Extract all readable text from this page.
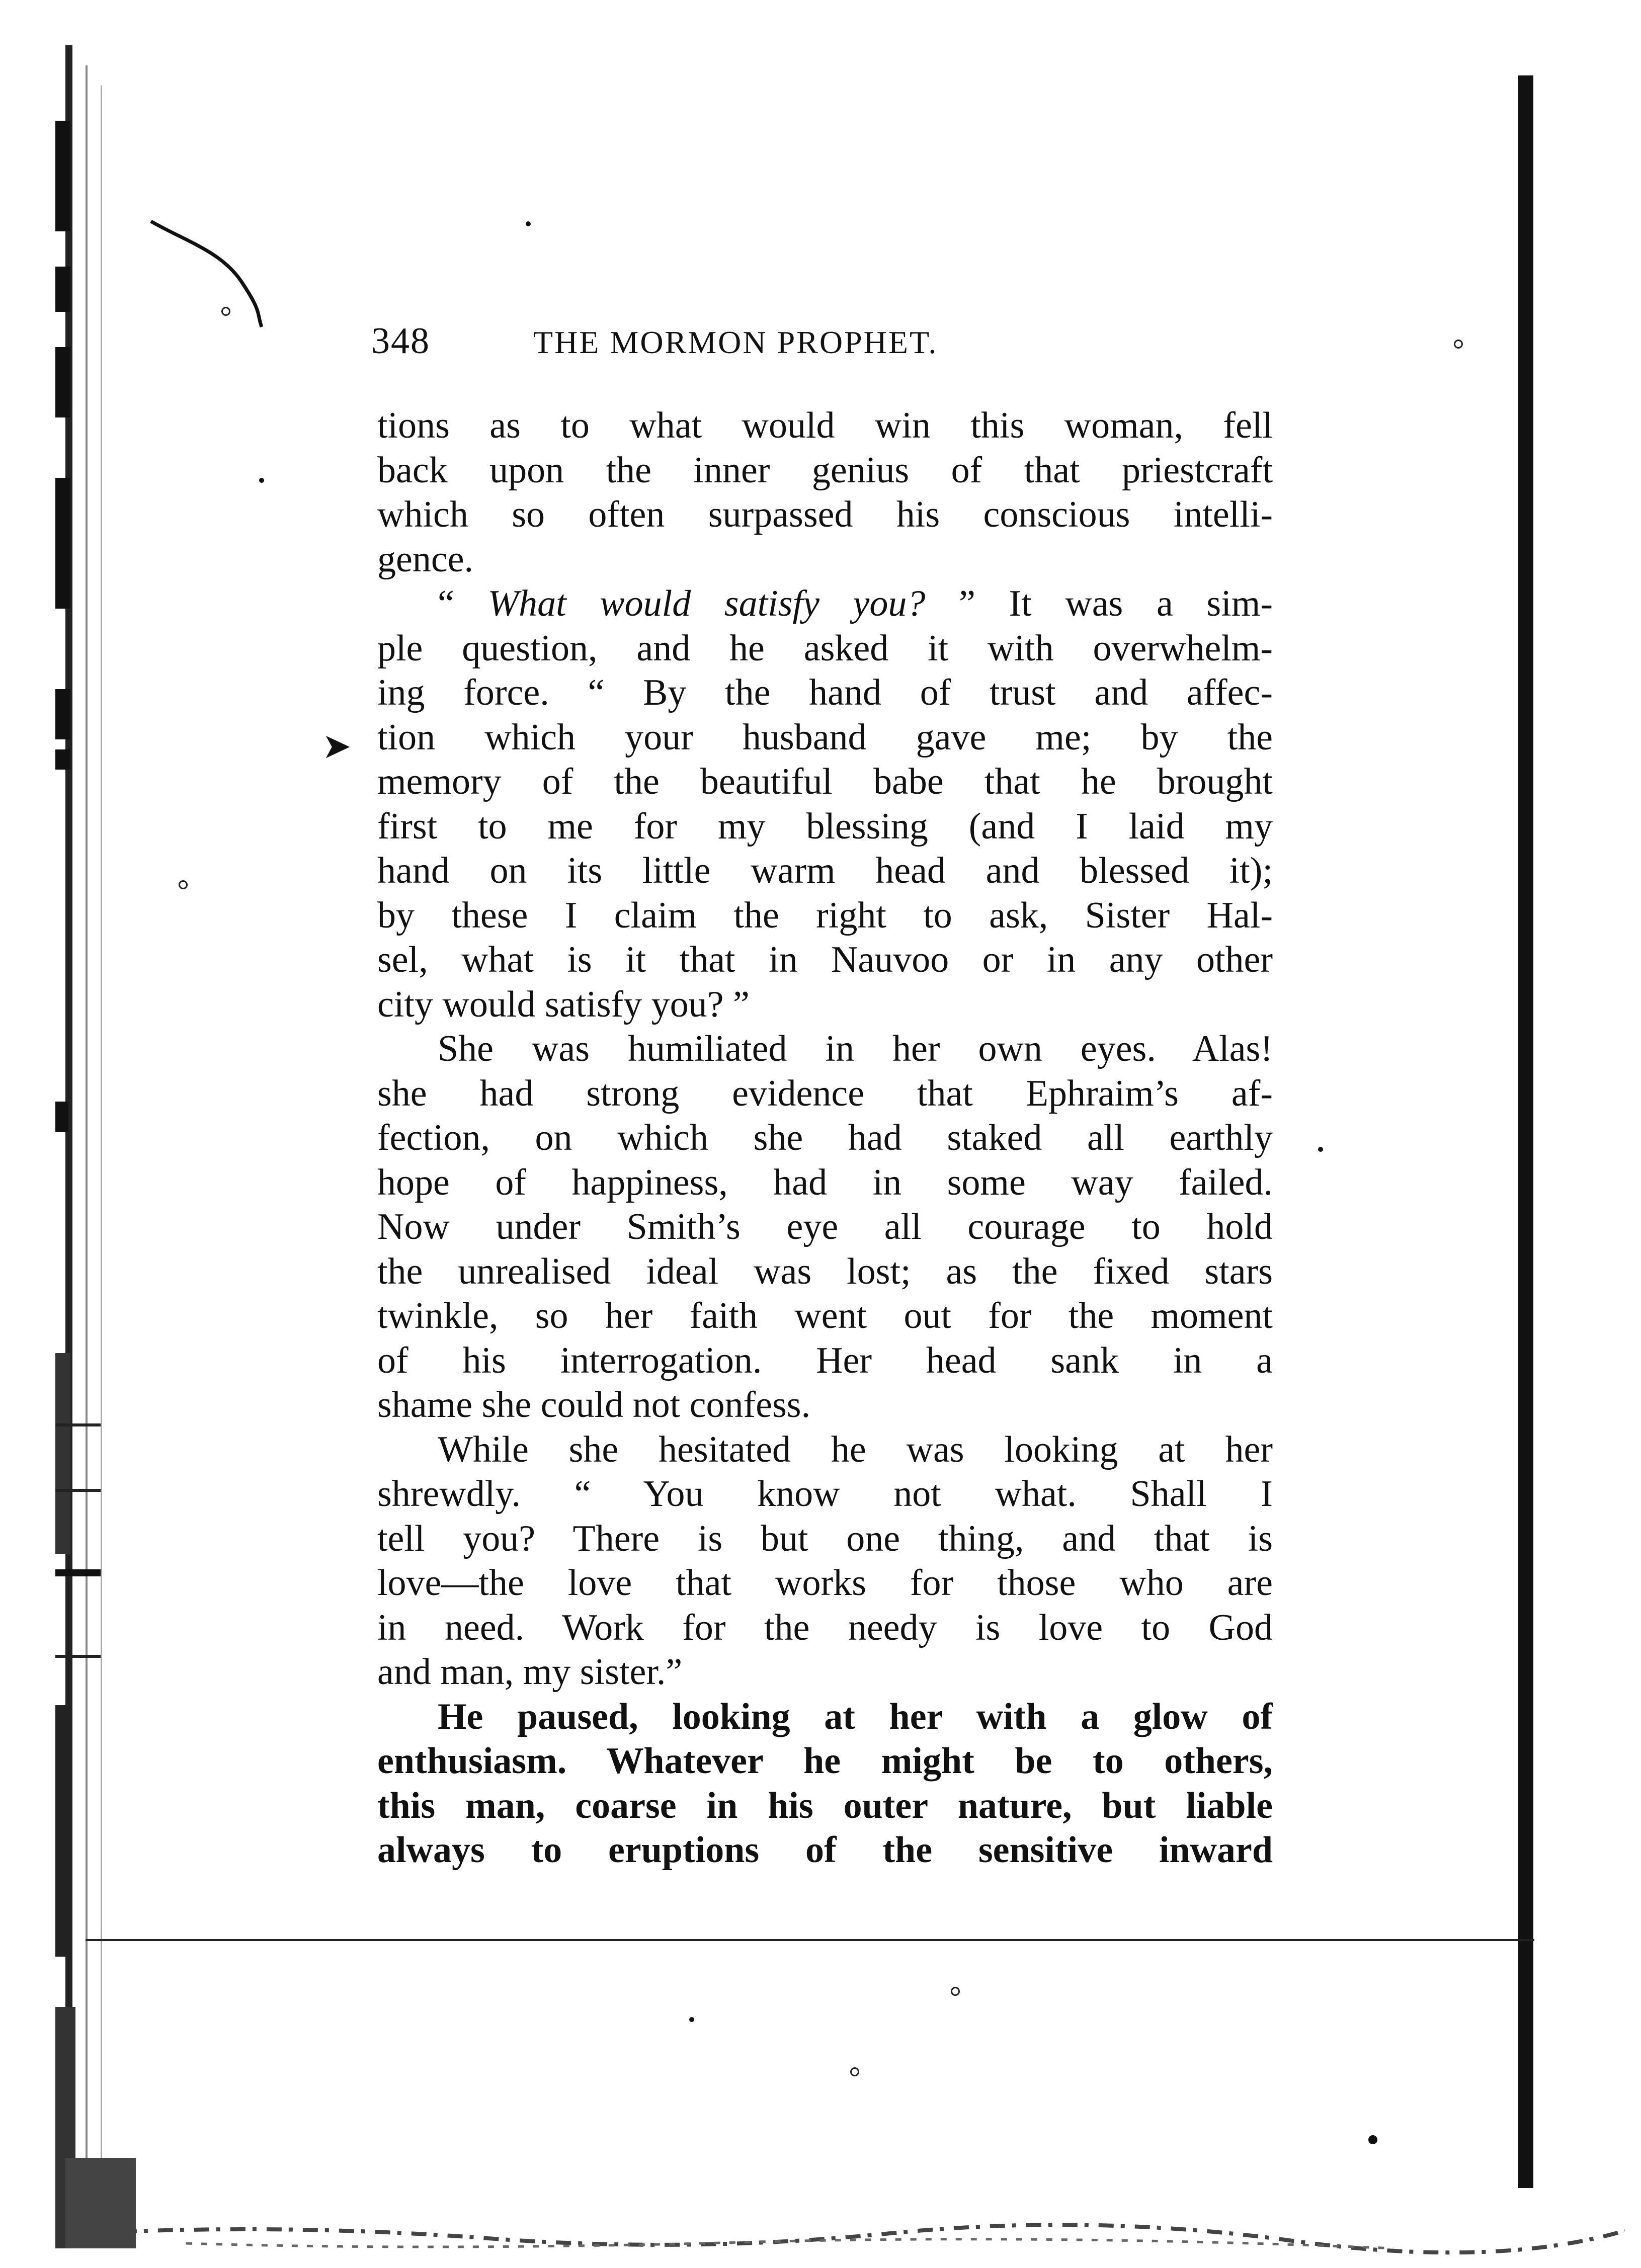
➤
348	THE MORMON PROPHET.
tions as to what would win this woman, fell
back upon the inner genius of that priestcraft
which so often surpassed his conscious intelli-
gence.
“ What would satisfy you? ” It was a sim-
ple question, and he asked it with overwhelm-
ing force. “ By the hand of trust and affec-
tion which your husband gave me; by the
memory of the beautiful babe that he brought
first to me for my blessing (and I laid my
hand on its little warm head and blessed it);
by these I claim the right to ask, Sister Hal-
sel, what is it that in Nauvoo or in any other
city would satisfy you? ”
She was humiliated in her own eyes. Alas!
she had strong evidence that Ephraim’s af-
fection, on which she had staked all earthly
hope of happiness, had in some way failed.
Now under Smith’s eye all courage to hold
the unrealised ideal was lost; as the fixed stars
twinkle, so her faith went out for the moment
of his interrogation. Her head sank in a
shame she could not confess.
While she hesitated he was looking at her
shrewdly. “ You know not what. Shall I
tell you? There is but one thing, and that is
love—the love that works for those who are
in need. Work for the needy is love to God
and man, my sister.”
He paused, looking at her with a glow of
enthusiasm. Whatever he might be to others,
this man, coarse in his outer nature, but liable
always to eruptions of the sensitive inward
